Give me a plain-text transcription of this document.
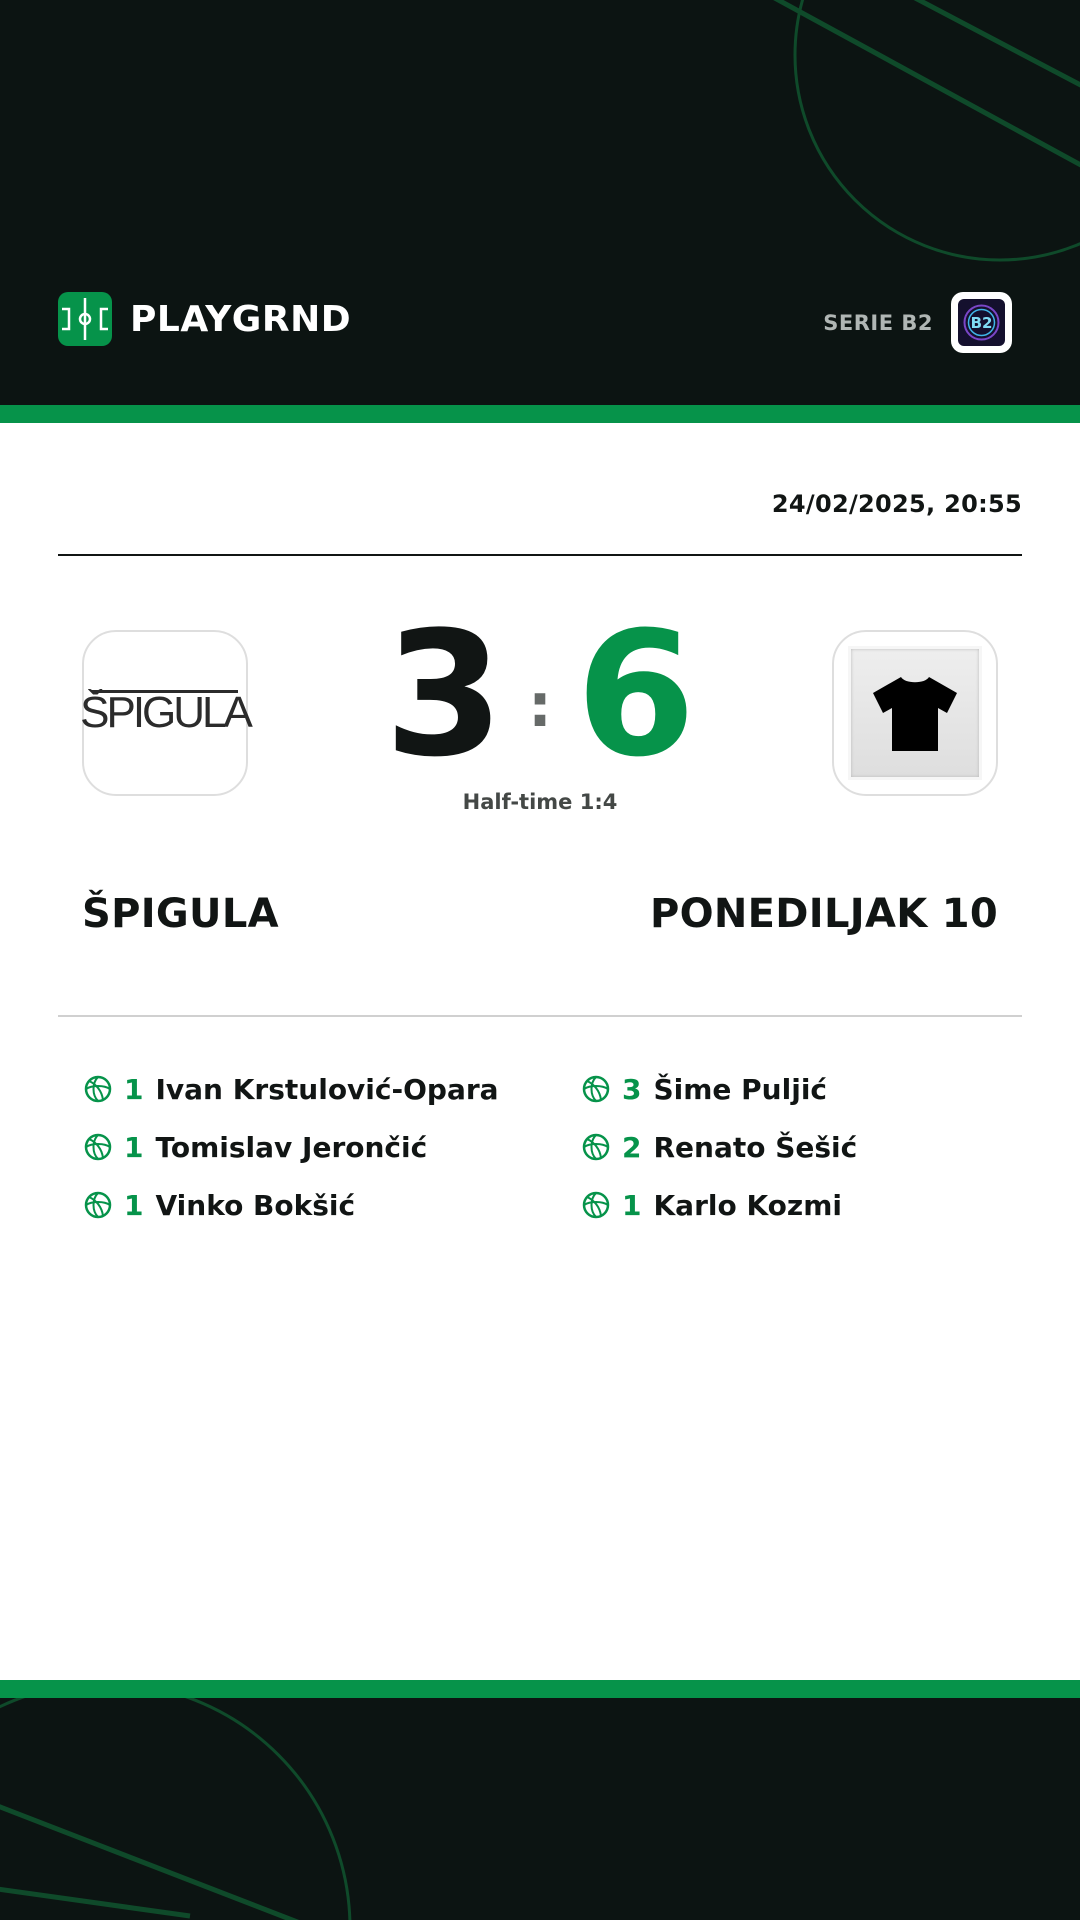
PLAYGRND	SERIE B2	B2
24/02/2025, 20:55
ŠPIGULA 3 : 6
Half-time 1:4
ŠPIGULA	PONEDILJAK 10
1 Ivan Krstulović-Opara
1 Tomislav Jerončić
1 Vinko Bokšić
3 Šime Puljić
2 Renato Šešić
1 Karlo Kozmi
